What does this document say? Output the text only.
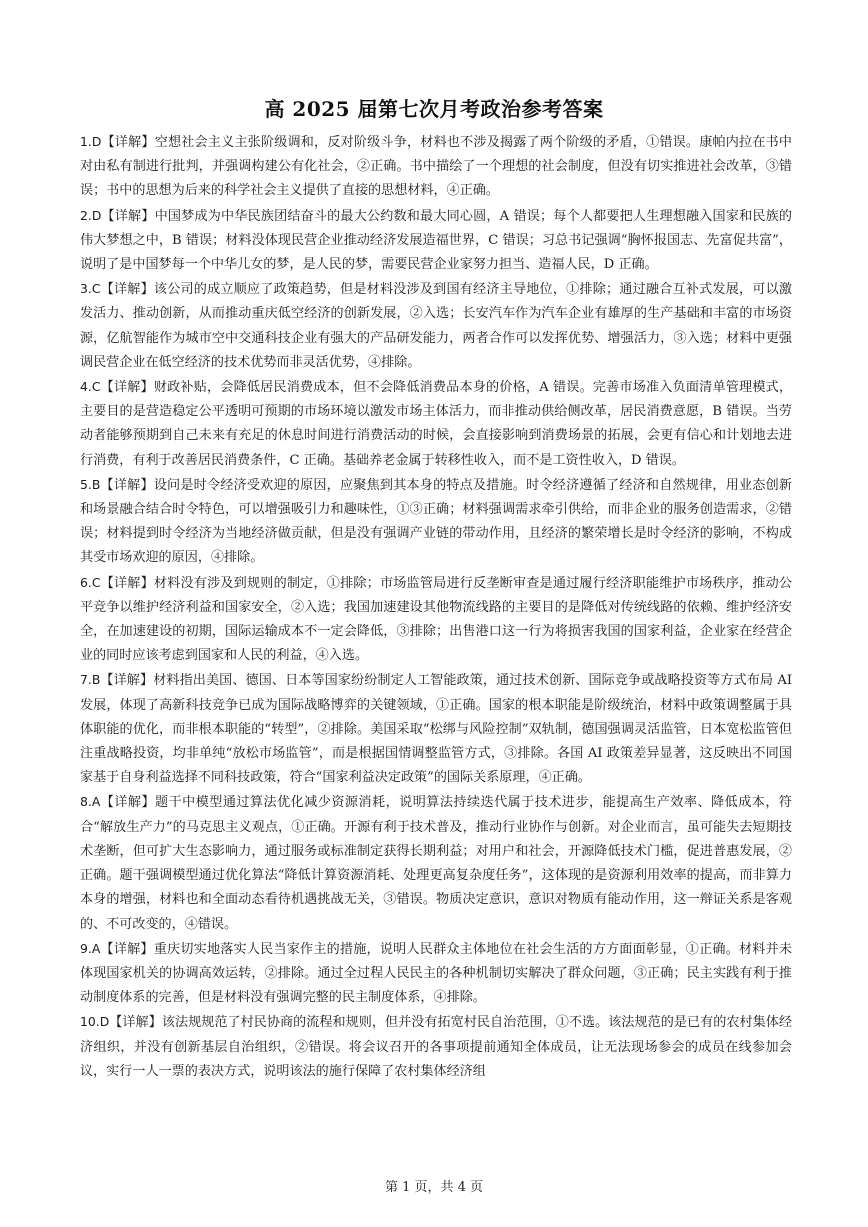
高 2025 届第七次月考政治参考答案

1.D【详解】空想社会主义主张阶级调和，反对阶级斗争，材料也不涉及揭露了两个阶级的矛盾，①错误。康帕内拉在书中对由私有制进行批判，并强调构建公有化社会，②正确。书中描绘了一个理想的社会制度，但没有切实推进社会改革，③错误；书中的思想为后来的科学社会主义提供了直接的思想材料，④正确。

2.D【详解】中国梦成为中华民族团结奋斗的最大公约数和最大同心圆，A 错误；每个人都要把人生理想融入国家和民族的伟大梦想之中，B 错误；材料没体现民营企业推动经济发展造福世界，C 错误；习总书记强调“胸怀报国志、先富促共富”，说明了是中国梦每一个中华儿女的梦，是人民的梦，需要民营企业家努力担当、造福人民，D 正确。

3.C【详解】该公司的成立顺应了政策趋势，但是材料没涉及到国有经济主导地位，①排除；通过融合互补式发展，可以激发活力、推动创新，从而推动重庆低空经济的创新发展，②入选；长安汽车作为汽车企业有雄厚的生产基础和丰富的市场资源，亿航智能作为城市空中交通科技企业有强大的产品研发能力，两者合作可以发挥优势、增强活力，③入选；材料中更强调民营企业在低空经济的技术优势而非灵活优势，④排除。

4.C【详解】财政补贴，会降低居民消费成本，但不会降低消费品本身的价格，A 错误。完善市场准入负面清单管理模式，主要目的是营造稳定公平透明可预期的市场环境以激发市场主体活力，而非推动供给侧改革，居民消费意愿，B 错误。当劳动者能够预期到自己未来有充足的休息时间进行消费活动的时候，会直接影响到消费场景的拓展，会更有信心和计划地去进行消费，有利于改善居民消费条件，C 正确。基础养老金属于转移性收入，而不是工资性收入，D 错误。

5.B【详解】设问是时令经济受欢迎的原因，应聚焦到其本身的特点及措施。时令经济遵循了经济和自然规律，用业态创新和场景融合结合时令特色，可以增强吸引力和趣味性，①③正确；材料强调需求牵引供给，而非企业的服务创造需求，②错误；材料提到时令经济为当地经济做贡献，但是没有强调产业链的带动作用，且经济的繁荣增长是时令经济的影响，不构成其受市场欢迎的原因，④排除。

6.C【详解】材料没有涉及到规则的制定，①排除；市场监管局进行反垄断审查是通过履行经济职能维护市场秩序，推动公平竞争以维护经济利益和国家安全，②入选；我国加速建设其他物流线路的主要目的是降低对传统线路的依赖、维护经济安全，在加速建设的初期，国际运输成本不一定会降低，③排除；出售港口这一行为将损害我国的国家利益，企业家在经营企业的同时应该考虑到国家和人民的利益，④入选。

7.B【详解】材料指出美国、德国、日本等国家纷纷制定人工智能政策，通过技术创新、国际竞争或战略投资等方式布局 AI 发展，体现了高新科技竞争已成为国际战略博弈的关键领域，①正确。国家的根本职能是阶级统治，材料中政策调整属于具体职能的优化，而非根本职能的“转型”，②排除。美国采取“松绑与风险控制”双轨制，德国强调灵活监管，日本宽松监管但注重战略投资，均非单纯“放松市场监管”，而是根据国情调整监管方式，③排除。各国 AI 政策差异显著，这反映出不同国家基于自身利益选择不同科技政策，符合“国家利益决定政策”的国际关系原理，④正确。

8.A【详解】题干中模型通过算法优化减少资源消耗，说明算法持续迭代属于技术进步，能提高生产效率、降低成本，符合“解放生产力”的马克思主义观点，①正确。开源有利于技术普及，推动行业协作与创新。对企业而言，虽可能失去短期技术垄断，但可扩大生态影响力，通过服务或标准制定获得长期利益；对用户和社会，开源降低技术门槛，促进普惠发展，②正确。题干强调模型通过优化算法“降低计算资源消耗、处理更高复杂度任务”，这体现的是资源利用效率的提高，而非算力本身的增强，材料也和全面动态看待机遇挑战无关，③错误。物质决定意识，意识对物质有能动作用，这一辩证关系是客观的、不可改变的，④错误。

9.A【详解】重庆切实地落实人民当家作主的措施，说明人民群众主体地位在社会生活的方方面面彰显，①正确。材料并未体现国家机关的协调高效运转，②排除。通过全过程人民民主的各种机制切实解决了群众问题，③正确；民主实践有利于推动制度体系的完善，但是材料没有强调完整的民主制度体系，④排除。

10.D【详解】该法规规范了村民协商的流程和规则，但并没有拓宽村民自治范围，①不选。该法规范的是已有的农村集体经济组织，并没有创新基层自治组织，②错误。将会议召开的各事项提前通知全体成员，让无法现场参会的成员在线参加会议，实行一人一票的表决方式，说明该法的施行保障了农村集体经济组

第 1 页，共 4 页
